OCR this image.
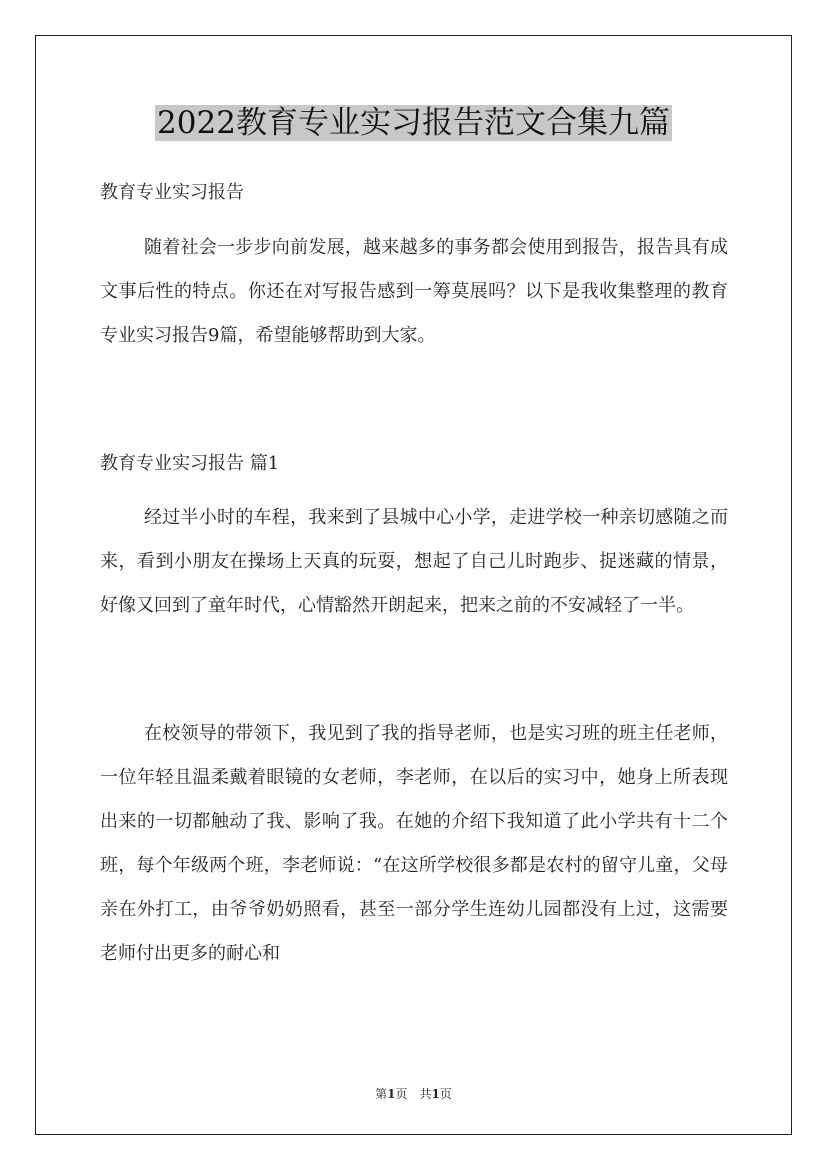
2022教育专业实习报告范文合集九篇
教育专业实习报告
随着社会一步步向前发展，越来越多的事务都会使用到报告，报告具有成文事后性的特点。你还在对写报告感到一筹莫展吗？以下是我收集整理的教育专业实习报告9篇，希望能够帮助到大家。
教育专业实习报告 篇1
经过半小时的车程，我来到了县城中心小学，走进学校一种亲切感随之而来，看到小朋友在操场上天真的玩耍，想起了自己儿时跑步、捉迷藏的情景，好像又回到了童年时代，心情豁然开朗起来，把来之前的不安减轻了一半。
在校领导的带领下，我见到了我的指导老师，也是实习班的班主任老师，一位年轻且温柔戴着眼镜的女老师，李老师，在以后的实习中，她身上所表现出来的一切都触动了我、影响了我。在她的介绍下我知道了此小学共有十二个班，每个年级两个班，李老师说：“在这所学校很多都是农村的留守儿童，父母亲在外打工，由爷爷奶奶照看，甚至一部分学生连幼儿园都没有上过，这需要老师付出更多的耐心和
第1页　共1页
